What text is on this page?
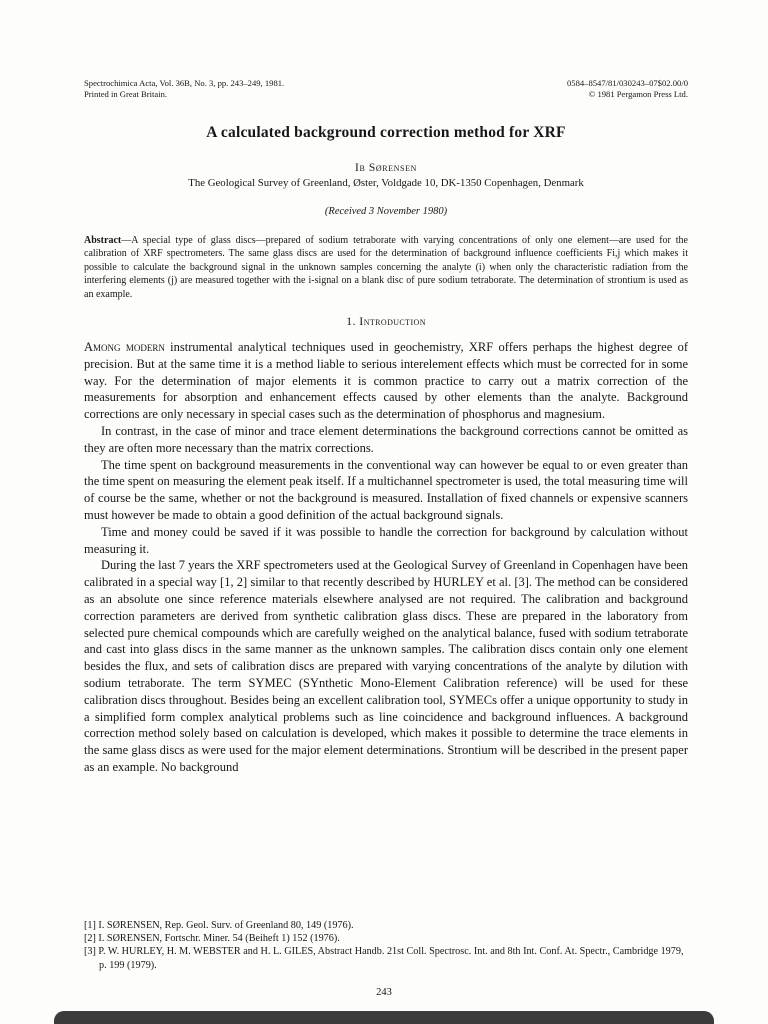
Spectrochimica Acta, Vol. 36B, No. 3, pp. 243–249, 1981.
Printed in Great Britain.
0584–8547/81/030243–07$02.00/0
© 1981 Pergamon Press Ltd.
A calculated background correction method for XRF
Ib Sørensen
The Geological Survey of Greenland, Øster, Voldgade 10, DK-1350 Copenhagen, Denmark
(Received 3 November 1980)
Abstract—A special type of glass discs—prepared of sodium tetraborate with varying concentrations of only one element—are used for the calibration of XRF spectrometers. The same glass discs are used for the determination of background influence coefficients Fi,j which makes it possible to calculate the background signal in the unknown samples concerning the analyte (i) when only the characteristic radiation from the interfering elements (j) are measured together with the i-signal on a blank disc of pure sodium tetraborate. The determination of strontium is used as an example.
1. Introduction

Among modern instrumental analytical techniques used in geochemistry, XRF offers perhaps the highest degree of precision. But at the same time it is a method liable to serious interelement effects which must be corrected for in some way. For the determination of major elements it is common practice to carry out a matrix correction of the measurements for absorption and enhancement effects caused by other elements than the analyte. Background corrections are only necessary in special cases such as the determination of phosphorus and magnesium.

In contrast, in the case of minor and trace element determinations the background corrections cannot be omitted as they are often more necessary than the matrix corrections.

The time spent on background measurements in the conventional way can however be equal to or even greater than the time spent on measuring the element peak itself. If a multichannel spectrometer is used, the total measuring time will of course be the same, whether or not the background is measured. Installation of fixed channels or expensive scanners must however be made to obtain a good definition of the actual background signals.

Time and money could be saved if it was possible to handle the correction for background by calculation without measuring it.

During the last 7 years the XRF spectrometers used at the Geological Survey of Greenland in Copenhagen have been calibrated in a special way [1, 2] similar to that recently described by HURLEY et al. [3]. The method can be considered as an absolute one since reference materials elsewhere analysed are not required. The calibration and background correction parameters are derived from synthetic calibration glass discs. These are prepared in the laboratory from selected pure chemical compounds which are carefully weighed on the analytical balance, fused with sodium tetraborate and cast into glass discs in the same manner as the unknown samples. The calibration discs contain only one element besides the flux, and sets of calibration discs are prepared with varying concentrations of the analyte by dilution with sodium tetraborate. The term SYMEC (SYnthetic Mono-Element Calibration reference) will be used for these calibration discs throughout. Besides being an excellent calibration tool, SYMECs offer a unique opportunity to study in a simplified form complex analytical problems such as line coincidence and background influences. A background correction method solely based on calculation is developed, which makes it possible to determine the trace elements in the same glass discs as were used for the major element determinations. Strontium will be described in the present paper as an example. No background

[1] I. SØRENSEN, Rep. Geol. Surv. of Greenland 80, 149 (1976).
[2] I. SØRENSEN, Fortschr. Miner. 54 (Beiheft 1) 152 (1976).
[3] P. W. HURLEY, H. M. WEBSTER and H. L. GILES, Abstract Handb. 21st Coll. Spectrosc. Int. and 8th Int. Conf. At. Spectr., Cambridge 1979, p. 199 (1979).
243
